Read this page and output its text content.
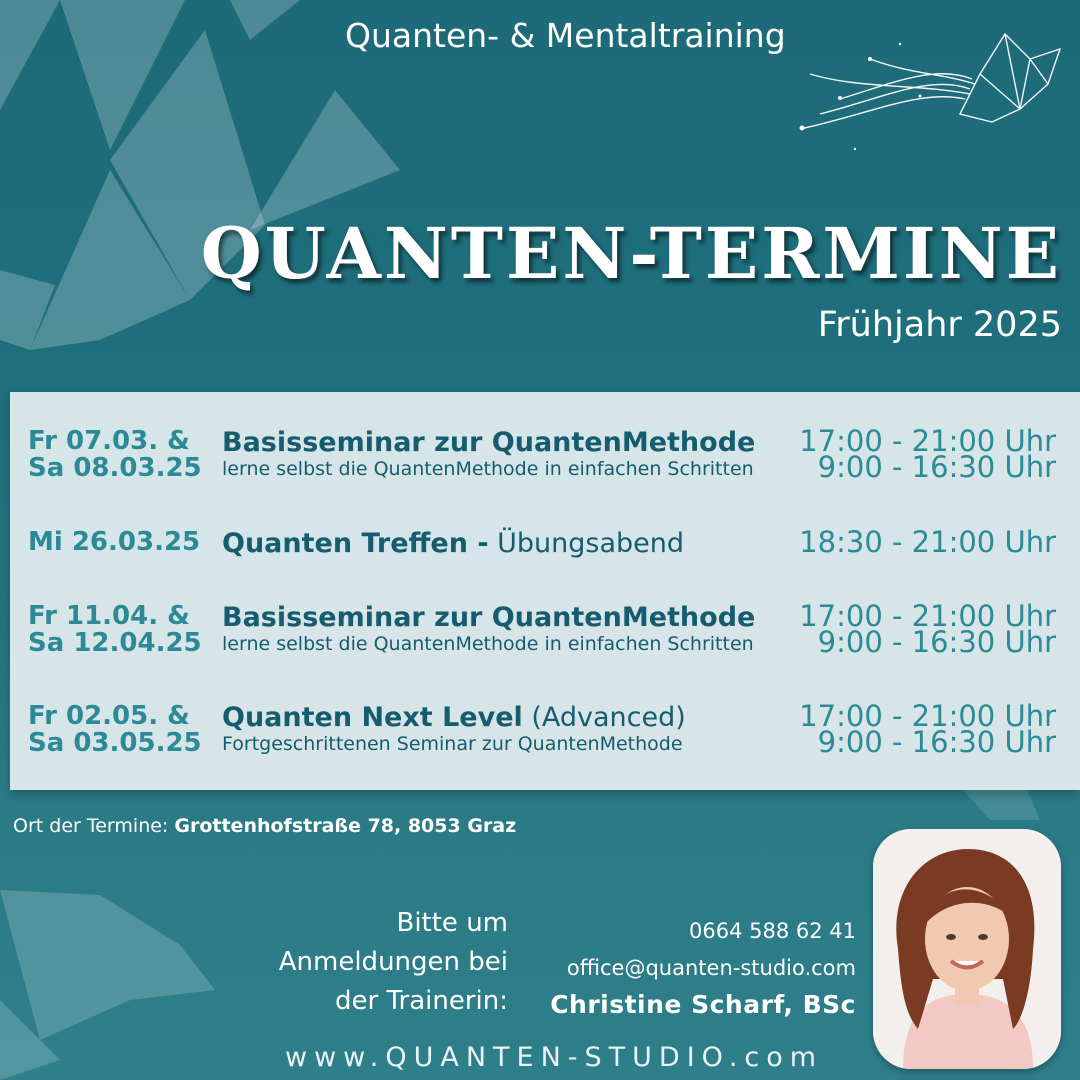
Quanten- & Mentaltraining
QUANTEN-TERMINE
Frühjahr 2025
Fr 07.03. &
Sa 08.03.25
Basisseminar zur QuantenMethode
lerne selbst die QuantenMethode in einfachen Schritten
17:00 - 21:00 Uhr
9:00 - 16:30 Uhr
Mi 26.03.25 Quanten Treffen - Übungsabend	18:30 - 21:00 Uhr
Fr 11.04. &
Sa 12.04.25
Basisseminar zur QuantenMethode
lerne selbst die QuantenMethode in einfachen Schritten
17:00 - 21:00 Uhr
9:00 - 16:30 Uhr
Fr 02.05. &
Sa 03.05.25
Quanten Next Level (Advanced)
Fortgeschrittenen Seminar zur QuantenMethode
17:00 - 21:00 Uhr
9:00 - 16:30 Uhr
Ort der Termine: Grottenhofstraße 78, 8053 Graz
Bitte um
Anmeldungen bei
der Trainerin:
0664 588 62 41
office@quanten-studio.com
Christine Scharf, BSc
www.QUANTEN-STUDIO.com
